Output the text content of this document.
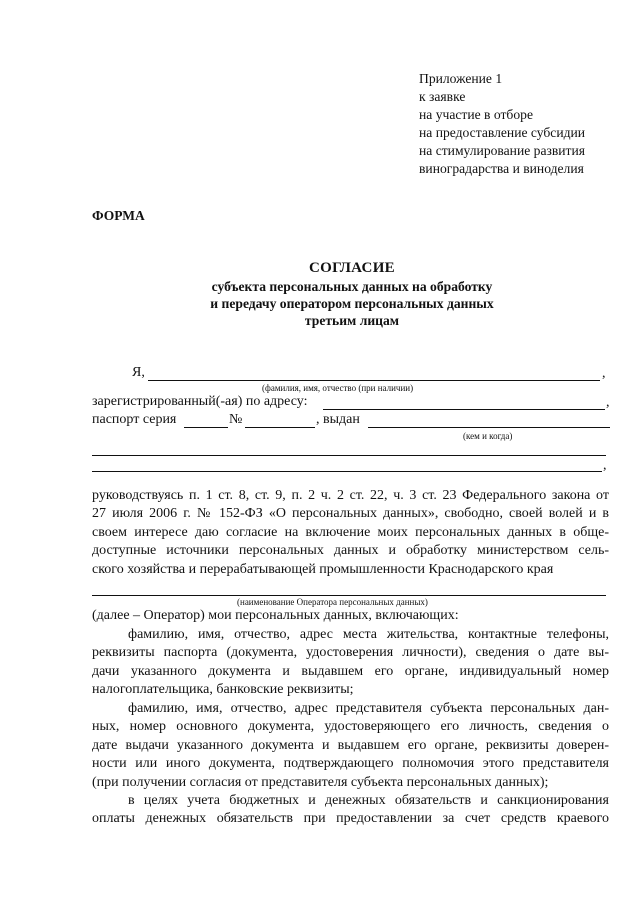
Приложение 1
к заявке
на участие в отборе
на предоставление субсидии
на стимулирование развития
виноградарства и виноделия
ФОРМА
СОГЛАСИЕ
субъекта персональных данных на обработку
и передачу оператором персональных данных
третьим лицам
Я,	,
(фамилия, имя, отчество (при наличии)
зарегистрированный(-ая) по адресу:	,
паспорт серия	№	, выдан
(кем и когда)
,
руководствуясь п. 1 ст. 8, ст. 9, п. 2 ч. 2 ст. 22, ч. 3 ст. 23 Федерального закона от
27 июля 2006 г. № 152-ФЗ «О персональных данных», свободно, своей волей и в
своем интересе даю согласие на включение моих персональных данных в обще-
доступные источники персональных данных и обработку министерством сель-
ского хозяйства и перерабатывающей промышленности Краснодарского края
(наименование Оператора персональных данных)
(далее – Оператор) мои персональных данных, включающих:
фамилию, имя, отчество, адрес места жительства, контактные телефоны,
реквизиты паспорта (документа, удостоверения личности), сведения о дате вы-
дачи указанного документа и выдавшем его органе, индивидуальный номер
налогоплательщика, банковские реквизиты;
фамилию, имя, отчество, адрес представителя субъекта персональных дан-
ных, номер основного документа, удостоверяющего его личность, сведения о
дате выдачи указанного документа и выдавшем его органе, реквизиты доверен-
ности или иного документа, подтверждающего полномочия этого представителя
(при получении согласия от представителя субъекта персональных данных);
в целях учета бюджетных и денежных обязательств и санкционирования
оплаты денежных обязательств при предоставлении за счет средств краевого
